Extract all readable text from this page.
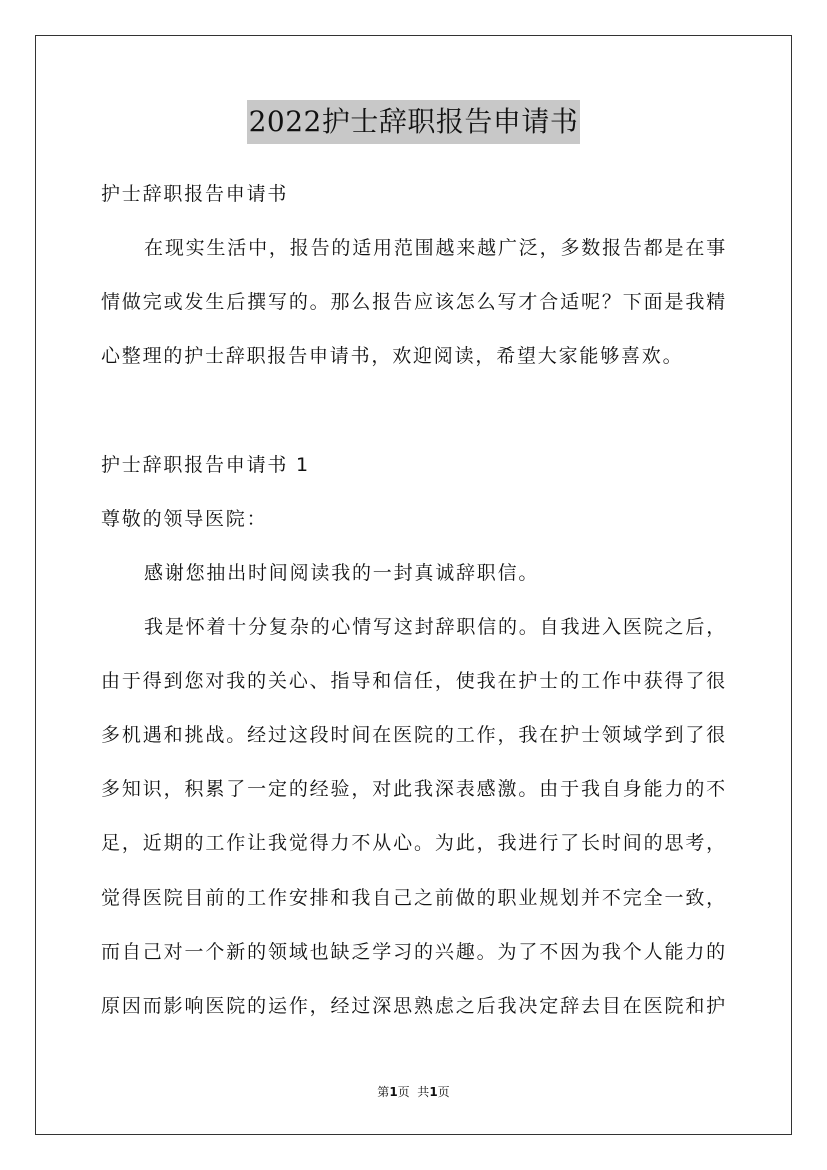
2022护士辞职报告申请书
护士辞职报告申请书
在现实生活中，报告的适用范围越来越广泛，多数报告都是在事
情做完或发生后撰写的。那么报告应该怎么写才合适呢？下面是我精
心整理的护士辞职报告申请书，欢迎阅读，希望大家能够喜欢。
护士辞职报告申请书 1
尊敬的领导医院：
感谢您抽出时间阅读我的一封真诚辞职信。
我是怀着十分复杂的心情写这封辞职信的。自我进入医院之后，
由于得到您对我的关心、指导和信任，使我在护士的工作中获得了很
多机遇和挑战。经过这段时间在医院的工作，我在护士领域学到了很
多知识，积累了一定的经验，对此我深表感激。由于我自身能力的不
足，近期的工作让我觉得力不从心。为此，我进行了长时间的思考，
觉得医院目前的工作安排和我自己之前做的职业规划并不完全一致，
而自己对一个新的领域也缺乏学习的兴趣。为了不因为我个人能力的
原因而影响医院的运作，经过深思熟虑之后我决定辞去目在医院和护
第1页  共1页
